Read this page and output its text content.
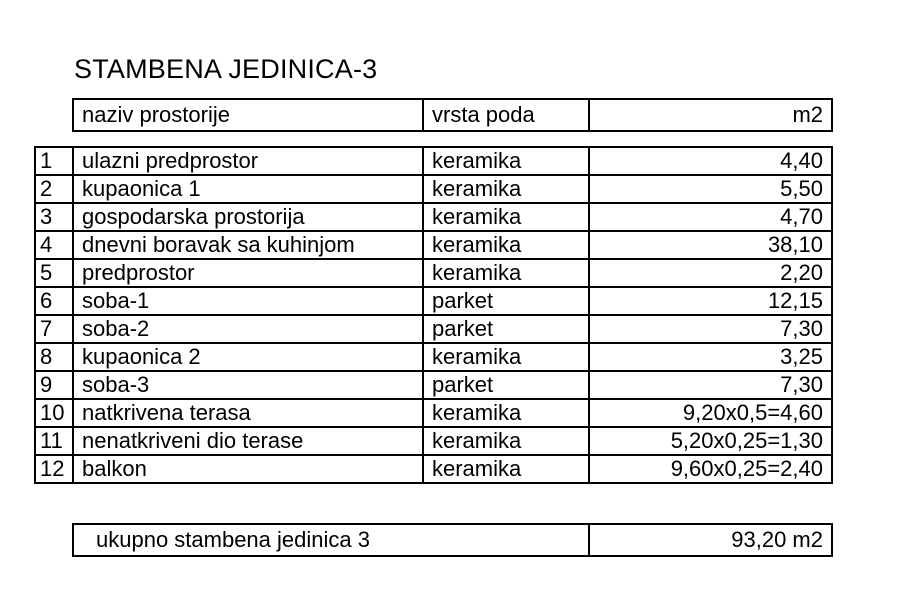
STAMBENA JEDINICA-3
naziv prostorije	vrsta poda	m2
1	ulazni predprostor	keramika	4,40
2	kupaonica 1	keramika	5,50
3	gospodarska prostorija	keramika	4,70
4	dnevni boravak sa kuhinjom	keramika	38,10
5	predprostor	keramika	2,20
6	soba-1	parket	12,15
7	soba-2	parket	7,30
8	kupaonica 2	keramika	3,25
9	soba-3	parket	7,30
10	natkrivena terasa	keramika	9,20x0,5=4,60
11	nenatkriveni dio terase	keramika	5,20x0,25=1,30
12	balkon	keramika	9,60x0,25=2,40
ukupno stambena jedinica 3	93,20 m2
